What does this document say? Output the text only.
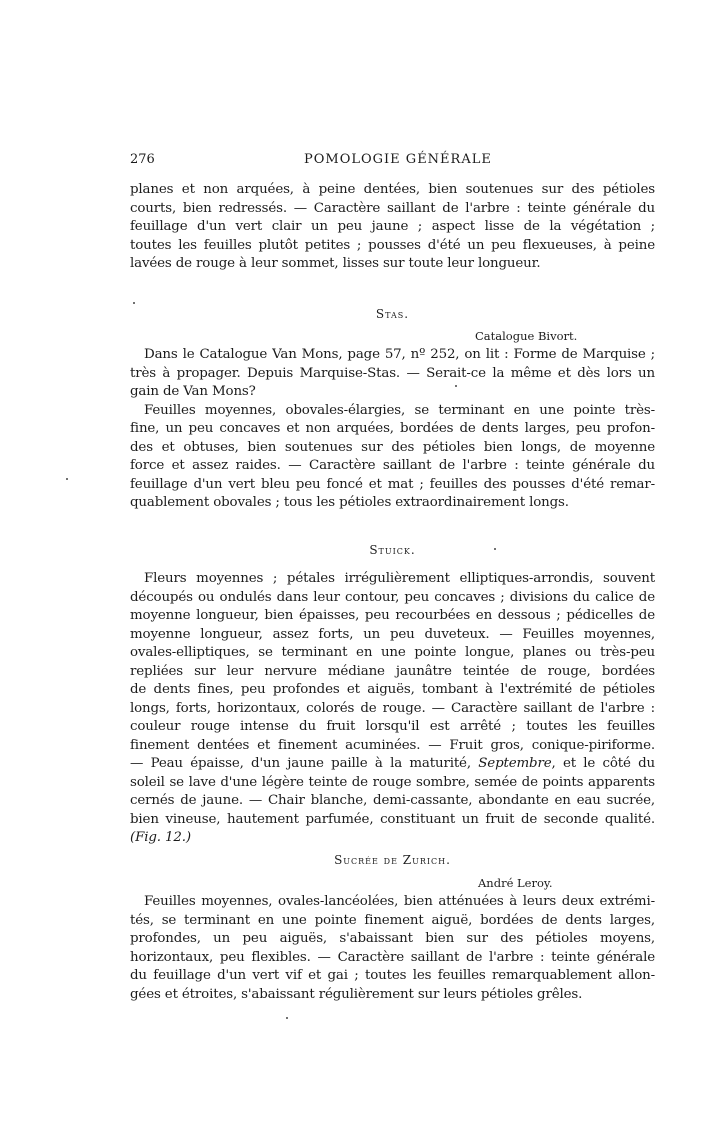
276	POMOLOGIE GÉNÉRALE
planes et non arquées, à peine dentées, bien soutenues sur des pétioles
courts, bien redressés. — Caractère saillant de l'arbre : teinte générale du
feuillage d'un vert clair un peu jaune ; aspect lisse de la végétation ;
toutes les feuilles plutôt petites ; pousses d'été un peu flexueuses, à peine
lavées de rouge à leur sommet, lisses sur toute leur longueur.
Stas.
Catalogue Bivort.
Dans le Catalogue Van Mons, page 57, nº 252, on lit : Forme de Marquise ;
très à propager. Depuis Marquise-Stas. — Serait-ce la même et dès lors un
gain de Van Mons?
Feuilles moyennes, obovales-élargies, se terminant en une pointe très-
fine, un peu concaves et non arquées, bordées de dents larges, peu profon-
des et obtuses, bien soutenues sur des pétioles bien longs, de moyenne
force et assez raides. — Caractère saillant de l'arbre : teinte générale du
feuillage d'un vert bleu peu foncé et mat ; feuilles des pousses d'été remar-
quablement obovales ; tous les pétioles extraordinairement longs.
Stuick.
Fleurs moyennes ; pétales irrégulièrement elliptiques-arrondis, souvent
découpés ou ondulés dans leur contour, peu concaves ; divisions du calice de
moyenne longueur, bien épaisses, peu recourbées en dessous ; pédicelles de
moyenne longueur, assez forts, un peu duveteux. — Feuilles moyennes,
ovales-elliptiques, se terminant en une pointe longue, planes ou très-peu
repliées sur leur nervure médiane jaunâtre teintée de rouge, bordées
de dents fines, peu profondes et aiguës, tombant à l'extrémité de pétioles
longs, forts, horizontaux, colorés de rouge. — Caractère saillant de l'arbre :
couleur rouge intense du fruit lorsqu'il est arrêté ; toutes les feuilles
finement dentées et finement acuminées. — Fruit gros, conique-piriforme.
— Peau épaisse, d'un jaune paille à la maturité, Septembre, et le côté du
soleil se lave d'une légère teinte de rouge sombre, semée de points apparents
cernés de jaune. — Chair blanche, demi-cassante, abondante en eau sucrée,
bien vineuse, hautement parfumée, constituant un fruit de seconde qualité.
(Fig. 12.)
Sucrée de Zurich.
André Leroy.
Feuilles moyennes, ovales-lancéolées, bien atténuées à leurs deux extrémi-
tés, se terminant en une pointe finement aiguë, bordées de dents larges,
profondes, un peu aiguës, s'abaissant bien sur des pétioles moyens,
horizontaux, peu flexibles. — Caractère saillant de l'arbre : teinte générale
du feuillage d'un vert vif et gai ; toutes les feuilles remarquablement allon-
gées et étroites, s'abaissant régulièrement sur leurs pétioles grêles.
